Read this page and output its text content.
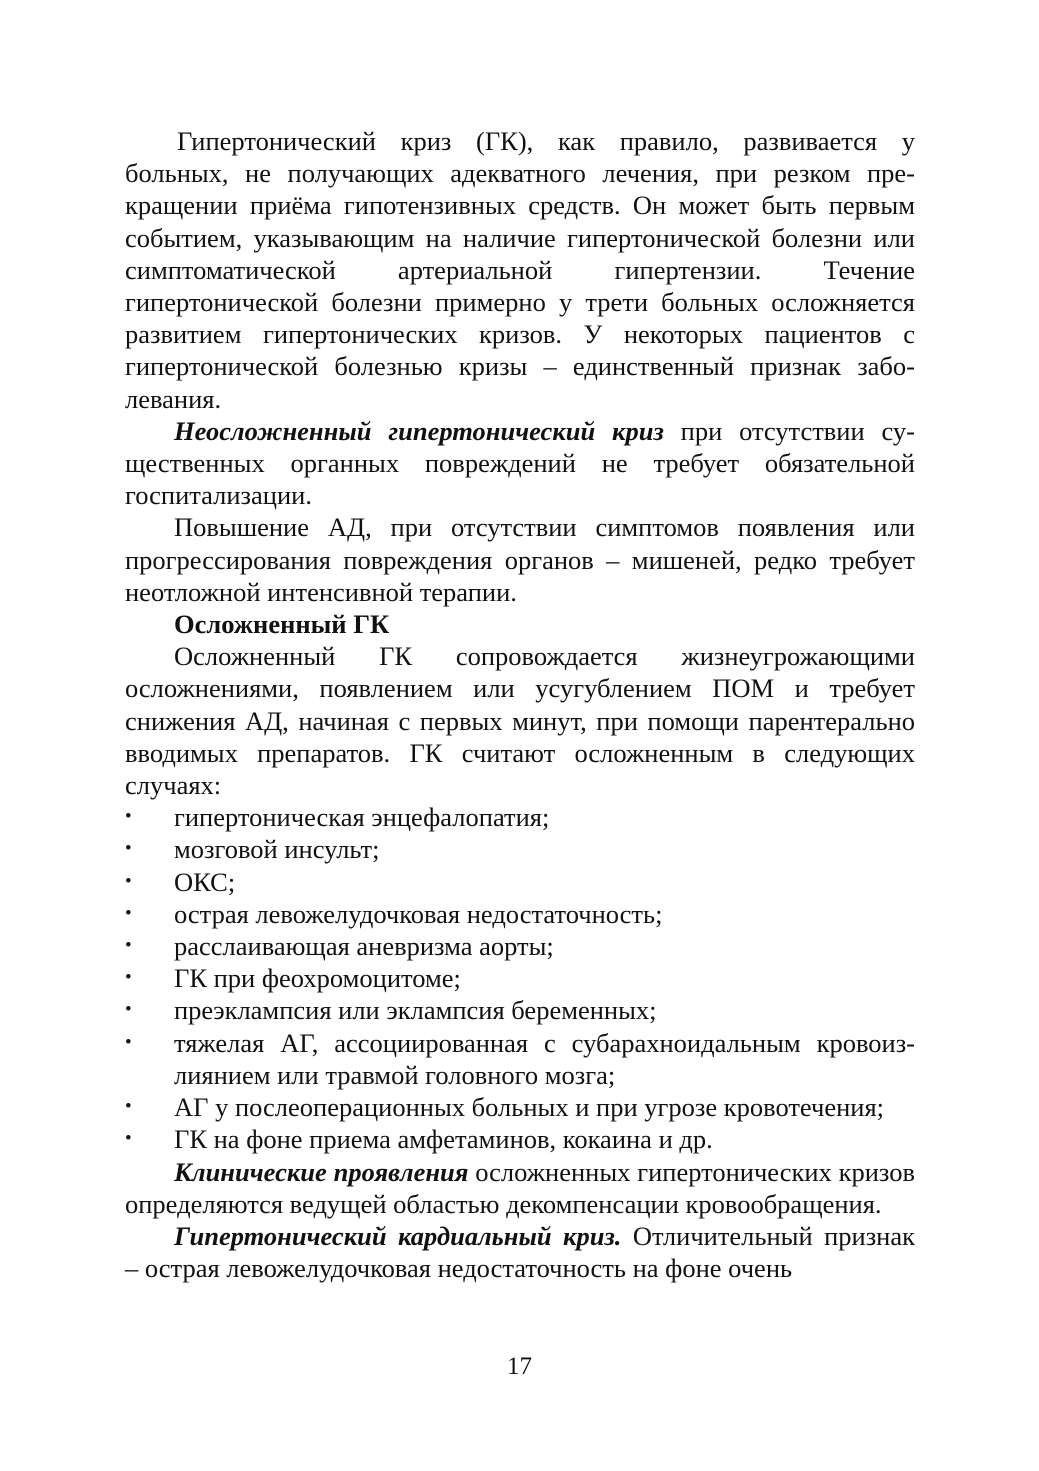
Гипертонический криз (ГК), как правило, развивается у больных, не получающих адекватного лечения, при резком прекращении приёма гипотензивных средств. Он может быть первым событием, указывающим на наличие гипертонической болезни или симптоматической артериальной гипертензии. Течение гипертонической болезни примерно у трети больных осложняется развитием гипертонических кризов. У некоторых пациентов с гипертонической болезнью кризы – единственный признак заболевания.

Неосложненный гипертонический криз при отсутствии существенных органных повреждений не требует обязательной госпитализации.

Повышение АД, при отсутствии симптомов появления или прогрессирования повреждения органов – мишеней, редко требует неотложной интенсивной терапии.

Осложненный ГК

Осложненный ГК сопровождается жизнеугрожающими осложнениями, появлением или усугублением ПОМ и требует снижения АД, начиная с первых минут, при помощи парентерально вводимых препаратов. ГК считают осложненным в следующих случаях:

• гипертоническая энцефалопатия;
• мозговой инсульт;
• ОКС;
• острая левожелудочковая недостаточность;
• расслаивающая аневризма аорты;
• ГК при феохромоцитоме;
• преэклампсия или эклампсия беременных;
• тяжелая АГ, ассоциированная с субарахноидальным кровоизлиянием или травмой головного мозга;
• АГ у послеоперационных больных и при угрозе кровотечения;
• ГК на фоне приема амфетаминов, кокаина и др.

Клинические проявления осложненных гипертонических кризов определяются ведущей областью декомпенсации кровообращения.

Гипертонический кардиальный криз. Отличительный признак – острая левожелудочковая недостаточность на фоне очень

17
